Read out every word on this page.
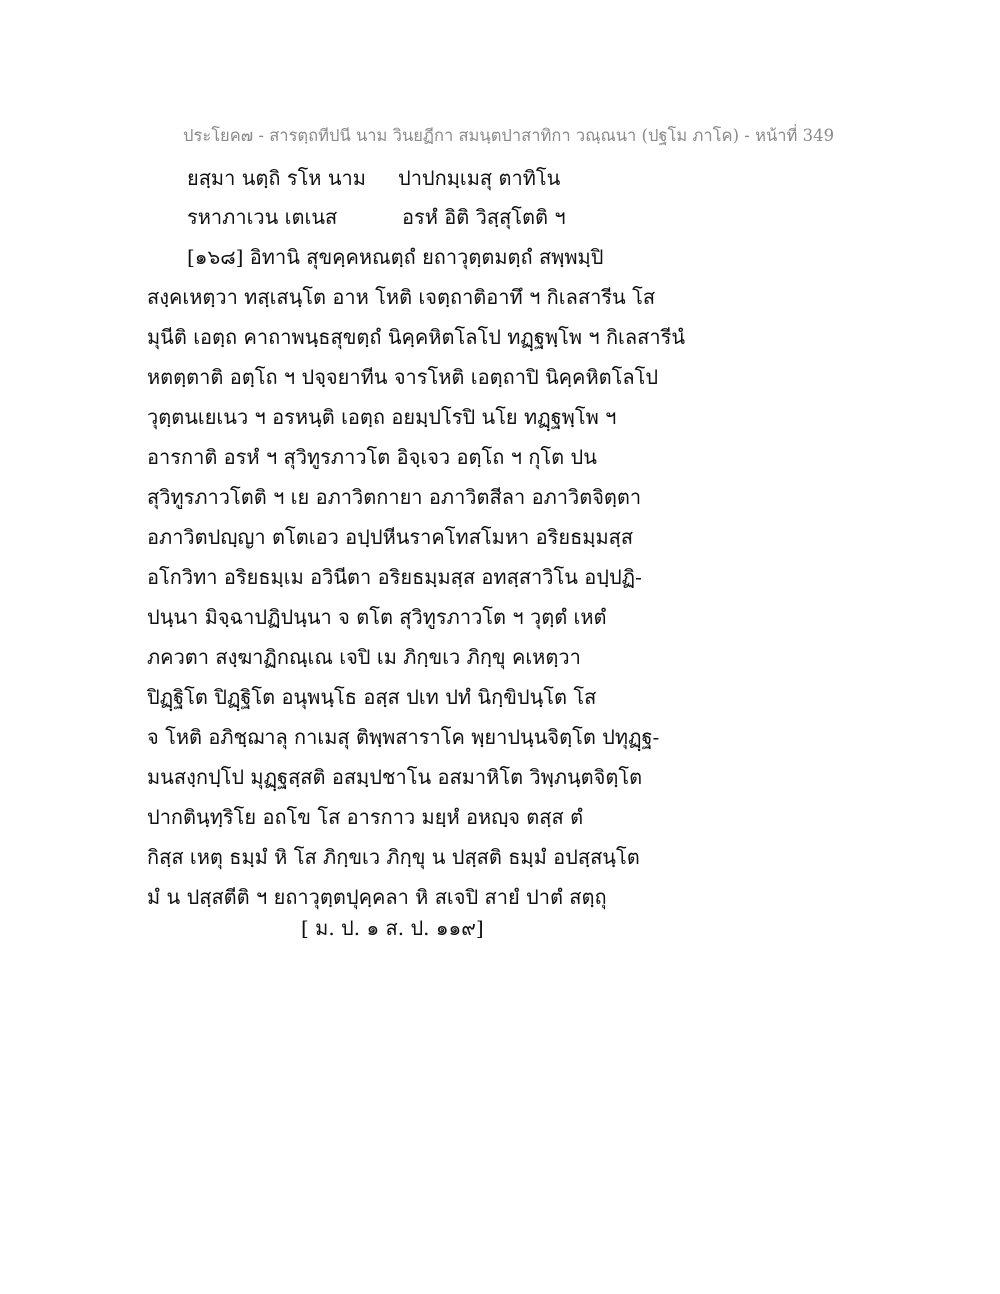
ประโยค๗ - สารตฺถทีปนี นาม วินยฏีกา สมนฺตปาสาทิกา วณฺณนา (ปฐโม ภาโค) - หน้าที่ 349
ยสฺมา นตฺถิ รโห นาม ปาปกมฺเมสุ ตาทิโน
รหาภาเวน เตเนส	อรหํ อิติ วิสฺสุโตติ ฯ
[๑๖๘] อิทานิ สุขคฺคหณตฺถํ ยถาวุตฺตมตฺถํ สพฺพมฺปิ
สงฺคเหตฺวา ทสฺเสนฺโต อาห โหติ เจตฺถาติอาทึ ฯ กิเลสารีน โส
มุนีติ เอตฺถ คาถาพนฺธสุขตฺถํ นิคฺคหิตโลโป ทฏฺฐพฺโพ ฯ กิเลสารีนํ
หตตฺตาติ อตฺโถ ฯ ปจฺจยาทีน จารโหติ เอตฺถาปิ นิคฺคหิตโลโป
วุตฺตนเยเนว ฯ อรหนฺติ เอตฺถ อยมฺปโรปิ นโย ทฏฺฐพฺโพ ฯ
อารกาติ อรหํ ฯ สุวิทูรภาวโต อิจฺเจว อตฺโถ ฯ กุโต ปน
สุวิทูรภาวโตติ ฯ เย อภาวิตกายา อภาวิตสีลา อภาวิตจิตฺตา
อภาวิตปญฺญา ตโตเอว อปฺปหีนราคโทสโมหา อริยธมฺมสฺส
อโกวิทา อริยธมฺเม อวินีตา อริยธมฺมสฺส อทสฺสาวิโน อปฺปฏิ-
ปนฺนา มิจฺฉาปฏิปนฺนา จ ตโต สุวิทูรภาวโต ฯ วุตฺตํ เหตํ
ภควตา สงฺฆาฏิกณฺเณ เจปิ เม ภิกฺขเว ภิกฺขุ คเหตฺวา
ปิฏฺฐิโต ปิฏฺฐิโต อนุพนฺโธ อสฺส ปเท ปทํ นิกฺขิปนฺโต โส
จ โหติ อภิชฺฌาลุ กาเมสุ ติพฺพสาราโค พฺยาปนฺนจิตฺโต ปทุฏฺฐ-
มนสงฺกปฺโป มุฏฺฐสฺสติ อสมฺปชาโน อสมาหิโต วิพฺภนฺตจิตฺโต
ปากตินฺทฺริโย อถโข โส อารกาว มยฺหํ อหญฺจ ตสฺส ตํ
กิสฺส เหตุ ธมฺมํ หิ โส ภิกฺขเว ภิกฺขุ น ปสฺสติ ธมฺมํ อปสฺสนฺโต
มํ น ปสฺสตีติ ฯ ยถาวุตฺตปุคฺคลา หิ สเจปิ สายํ ปาตํ สตฺถุ
[ ม. ป. ๑ ส. ป. ๑๑๙]
